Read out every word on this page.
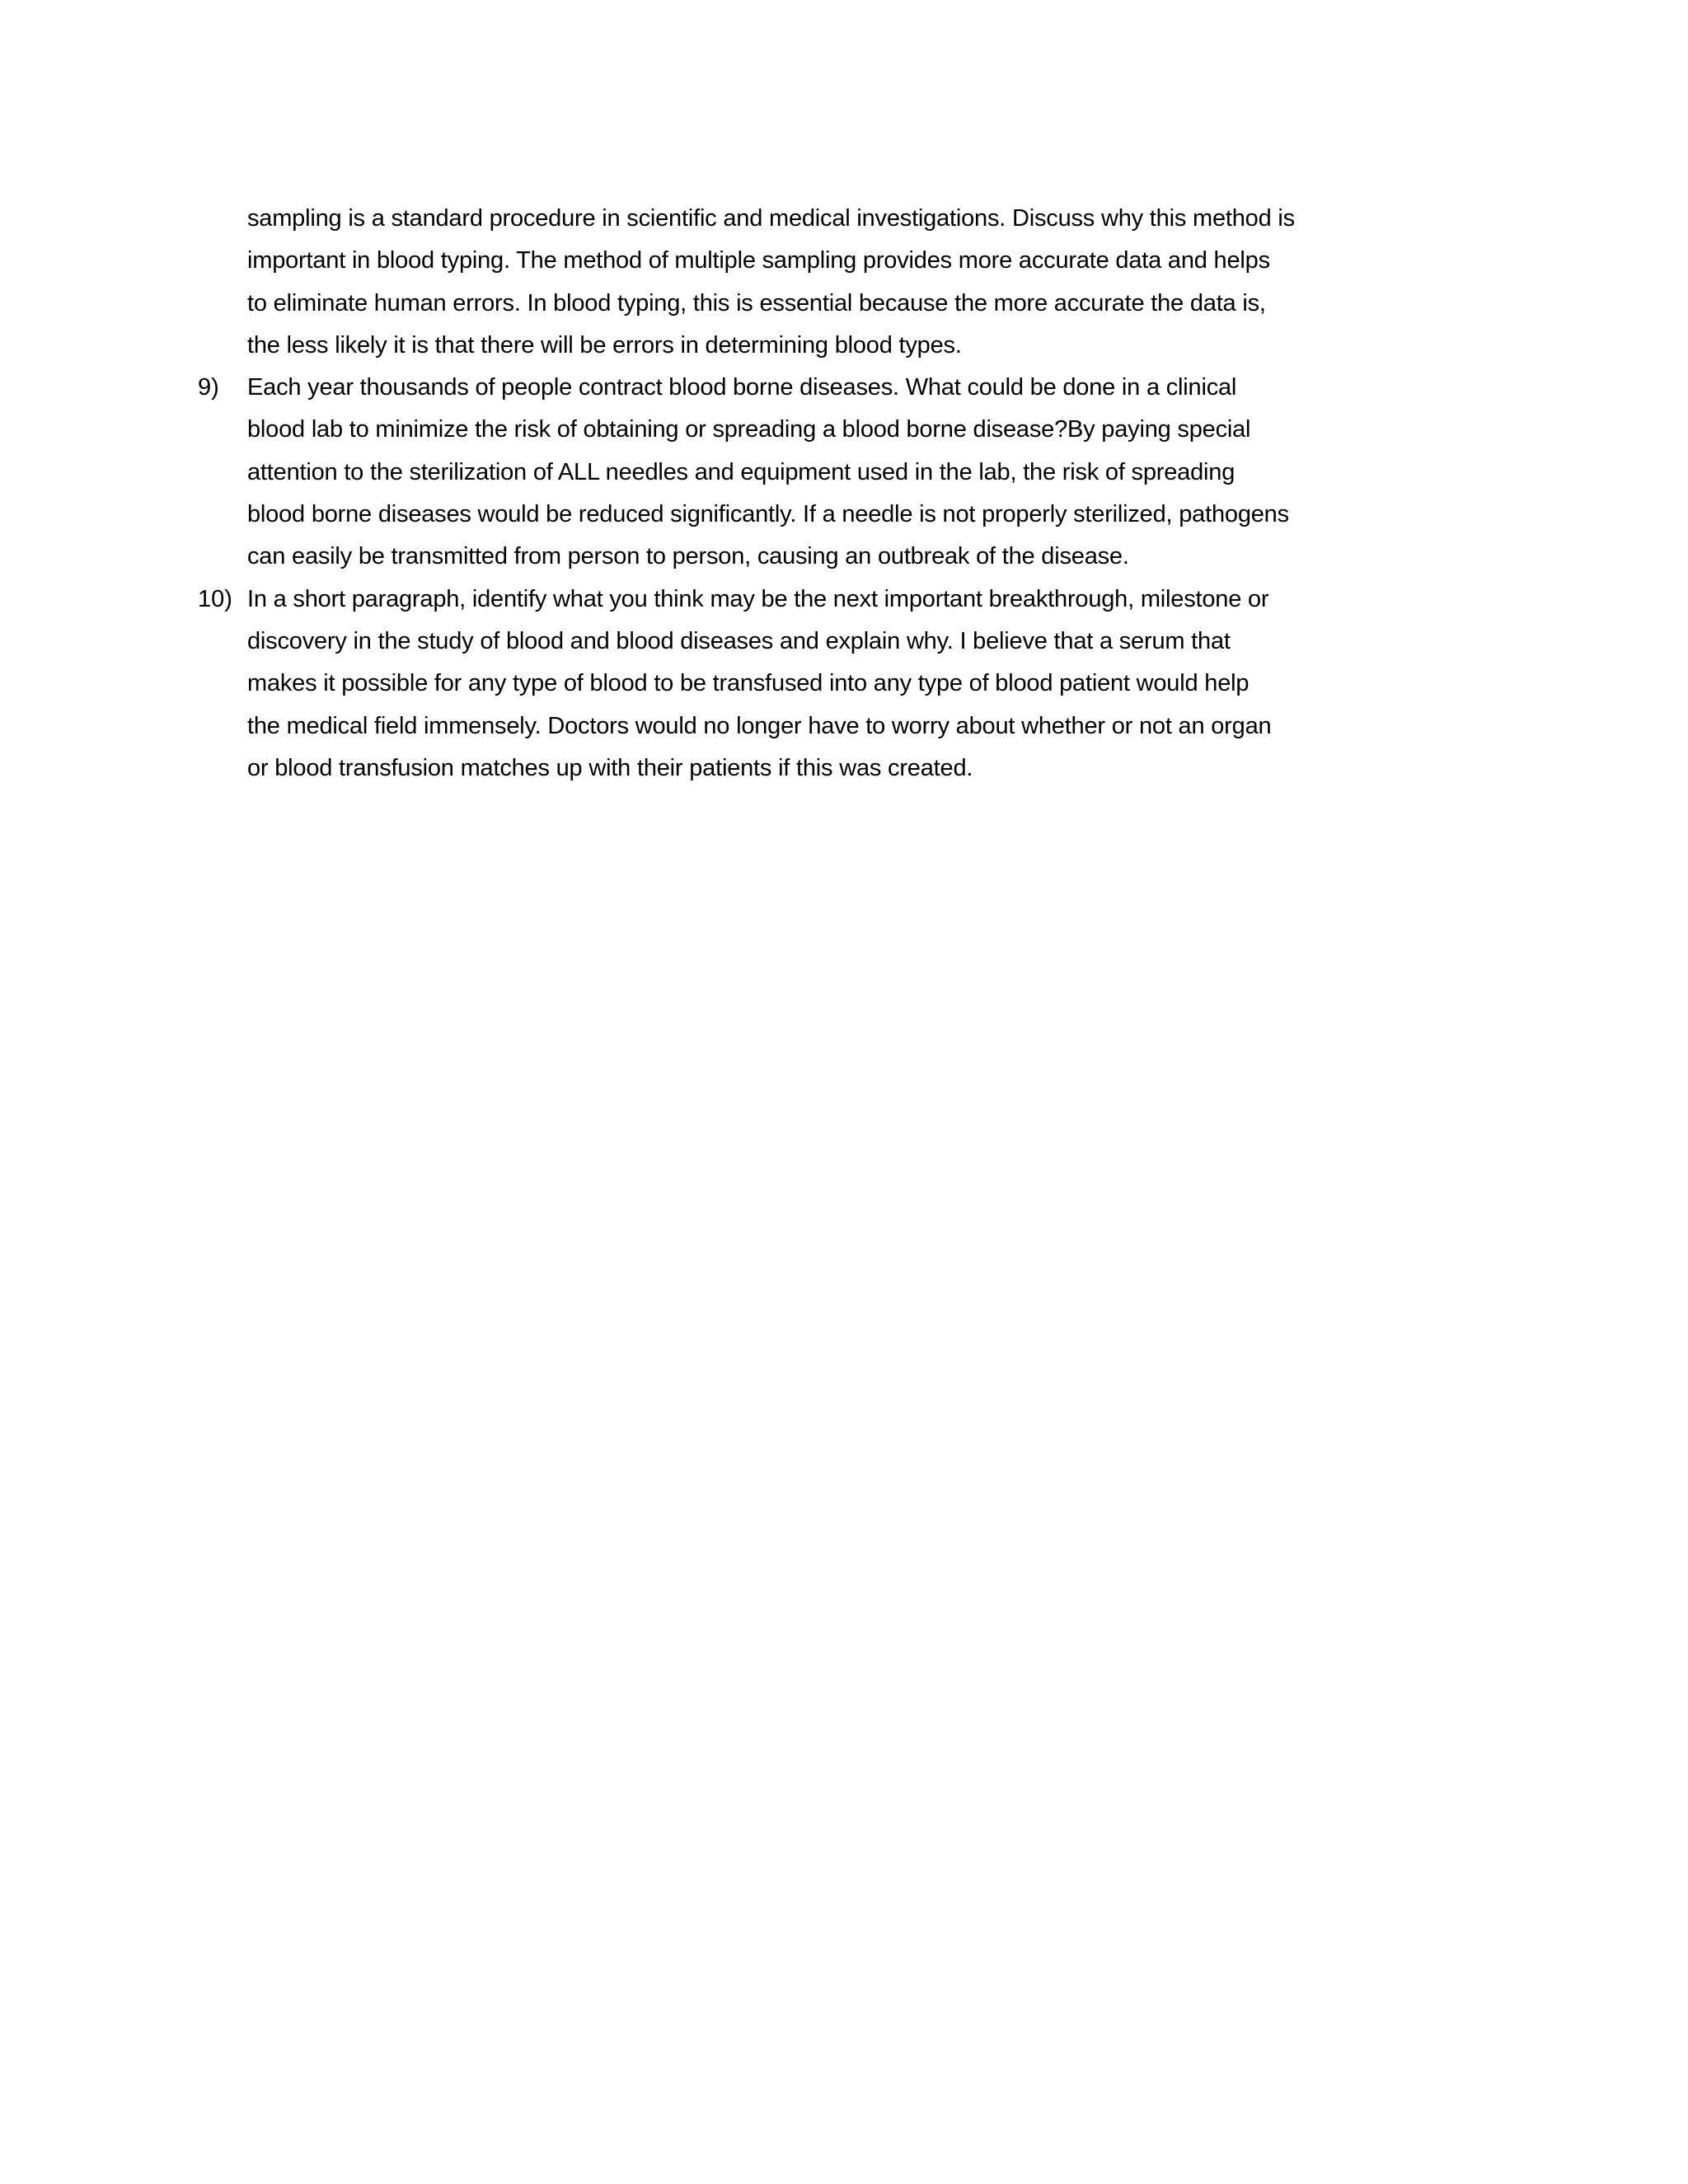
sampling is a standard procedure in scientific and medical investigations. Discuss why this method is
important in blood typing. The method of multiple sampling provides more accurate data and helps
to eliminate human errors. In blood typing, this is essential because the more accurate the data is,
the less likely it is that there will be errors in determining blood types.
9) Each year thousands of people contract blood borne diseases. What could be done in a clinical
blood lab to minimize the risk of obtaining or spreading a blood borne disease?By paying special
attention to the sterilization of ALL needles and equipment used in the lab, the risk of spreading
blood borne diseases would be reduced significantly. If a needle is not properly sterilized, pathogens
can easily be transmitted from person to person, causing an outbreak of the disease.
10) In a short paragraph, identify what you think may be the next important breakthrough, milestone or
discovery in the study of blood and blood diseases and explain why. I believe that a serum that
makes it possible for any type of blood to be transfused into any type of blood patient would help
the medical field immensely. Doctors would no longer have to worry about whether or not an organ
or blood transfusion matches up with their patients if this was created.
